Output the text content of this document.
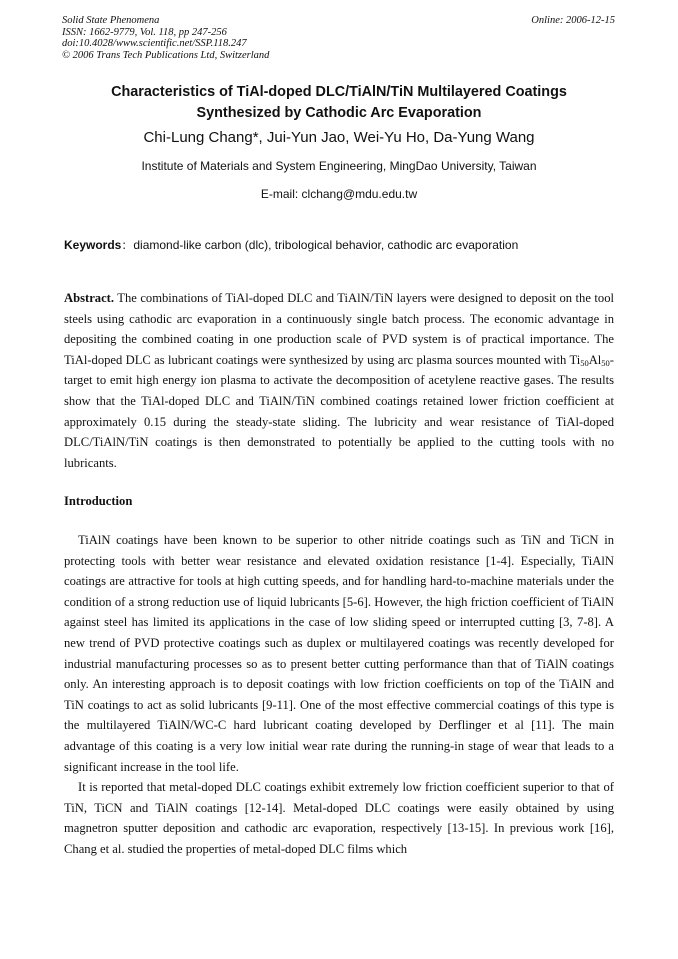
Solid State Phenomena
ISSN: 1662-9779, Vol. 118, pp 247-256
doi:10.4028/www.scientific.net/SSP.118.247
© 2006 Trans Tech Publications Ltd, Switzerland
Online: 2006-12-15
Characteristics of TiAl-doped DLC/TiAlN/TiN Multilayered Coatings
Synthesized by Cathodic Arc Evaporation
Chi-Lung Chang*, Jui-Yun Jao, Wei-Yu Ho, Da-Yung Wang
Institute of Materials and System Engineering, MingDao University, Taiwan
E-mail: clchang@mdu.edu.tw
Keywords：diamond-like carbon (dlc), tribological behavior, cathodic arc evaporation
Abstract. The combinations of TiAl-doped DLC and TiAlN/TiN layers were designed to deposit on the tool steels using cathodic arc evaporation in a continuously single batch process. The economic advantage in depositing the combined coating in one production scale of PVD system is of practical importance. The TiAl-doped DLC as lubricant coatings were synthesized by using arc plasma sources mounted with $Ti_{50}Al_{50}$-target to emit high energy ion plasma to activate the decomposition of acetylene reactive gases. The results show that the TiAl-doped DLC and TiAlN/TiN combined coatings retained lower friction coefficient at approximately 0.15 during the steady-state sliding. The lubricity and wear resistance of TiAl-doped DLC/TiAlN/TiN coatings is then demonstrated to potentially be applied to the cutting tools with no lubricants.
Introduction

TiAlN coatings have been known to be superior to other nitride coatings such as TiN and TiCN in protecting tools with better wear resistance and elevated oxidation resistance [1-4]. Especially, TiAlN coatings are attractive for tools at high cutting speeds, and for handling hard-to-machine materials under the condition of a strong reduction use of liquid lubricants [5-6]. However, the high friction coefficient of TiAlN against steel has limited its applications in the case of low sliding speed or interrupted cutting [3, 7-8]. A new trend of PVD protective coatings such as duplex or multilayered coatings was recently developed for industrial manufacturing processes so as to present better cutting performance than that of TiAlN coatings only. An interesting approach is to deposit coatings with low friction coefficients on top of the TiAlN and TiN coatings to act as solid lubricants [9-11]. One of the most effective commercial coatings of this type is the multilayered TiAlN/WC-C hard lubricant coating developed by Derflinger et al [11]. The main advantage of this coating is a very low initial wear rate during the running-in stage of wear that leads to a significant increase in the tool life.

It is reported that metal-doped DLC coatings exhibit extremely low friction coefficient superior to that of TiN, TiCN and TiAlN coatings [12-14]. Metal-doped DLC coatings were easily obtained by using magnetron sputter deposition and cathodic arc evaporation, respectively [13-15]. In previous work [16], Chang et al. studied the properties of metal-doped DLC films which
